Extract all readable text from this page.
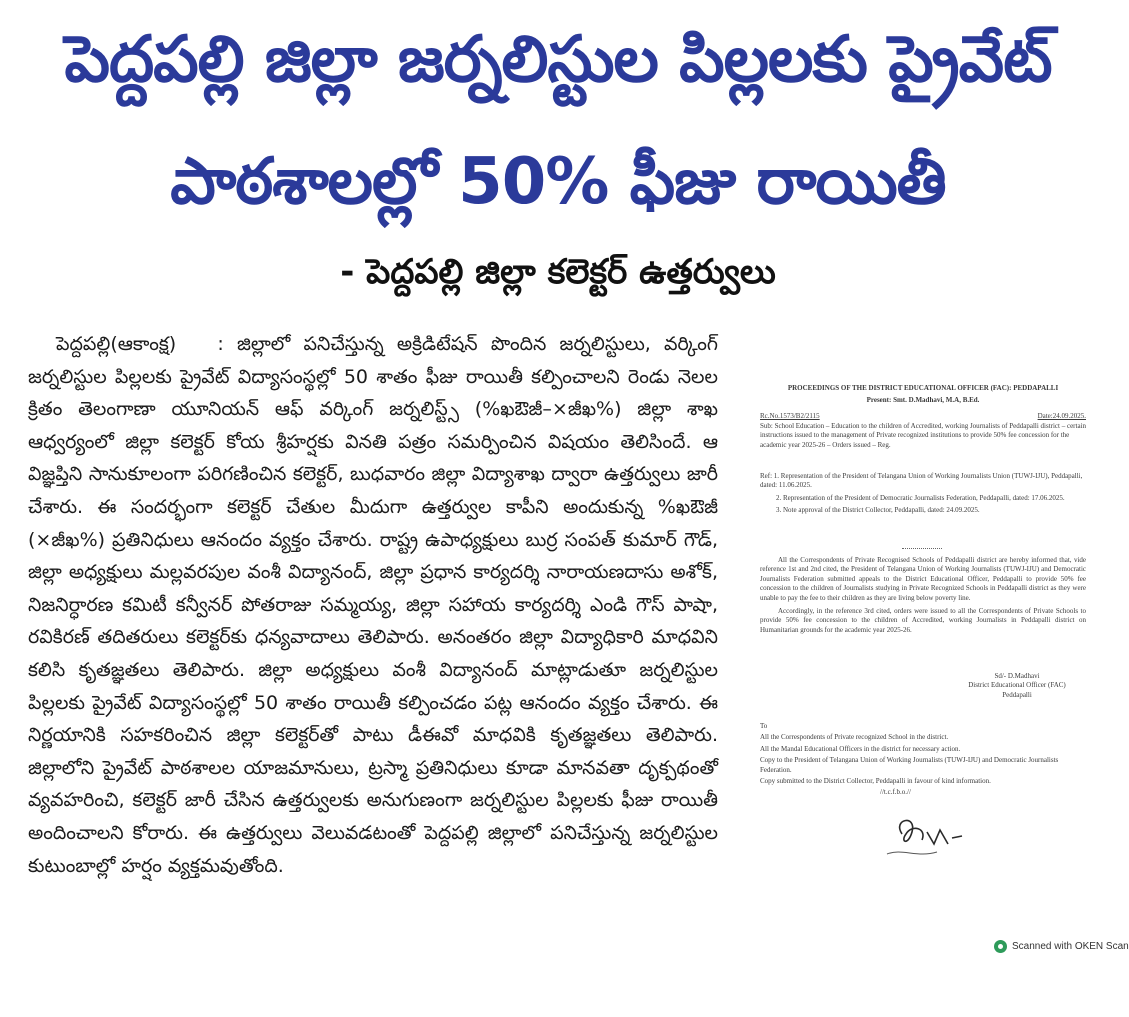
పెద్దపల్లి జిల్లా జర్నలిస్టుల పిల్లలకు ప్రైవేట్
పాఠశాలల్లో 50% ఫీజు రాయితీ
- పెద్దపల్లి జిల్లా కలెక్టర్ ఉత్తర్వులు
పెద్దపల్లి(ఆకాంక్ష) : జిల్లాలో పనిచేస్తున్న అక్రిడిటేషన్ పొందిన జర్నలిస్టులు, వర్కింగ్ జర్నలిస్టుల పిల్లలకు ప్రైవేట్ విద్యాసంస్థల్లో 50 శాతం ఫీజు రాయితీ కల్పించాలని రెండు నెలల క్రితం తెలంగాణా యూనియన్ ఆఫ్ వర్కింగ్ జర్నలిస్ట్స్ (%ఖఔజీ–×జీఖ%) జిల్లా శాఖ ఆధ్వర్యంలో జిల్లా కలెక్టర్ కోయ శ్రీహర్షకు వినతి పత్రం సమర్పించిన విషయం తెలిసిందే. ఆ విజ్ఞప్తిని సానుకూలంగా పరిగణించిన కలెక్టర్, బుధవారం జిల్లా విద్యాశాఖ ద్వారా ఉత్తర్వులు జారీ చేశారు. ఈ సందర్భంగా కలెక్టర్ చేతుల మీదుగా ఉత్తర్వుల కాపీని అందుకున్న %ఖఔజీ (×జీఖ%) ప్రతినిధులు ఆనందం వ్యక్తం చేశారు. రాష్ట్ర ఉపాధ్యక్షులు బుర్ర సంపత్ కుమార్ గౌడ్, జిల్లా అధ్యక్షులు మల్లవరపుల వంశీ విద్యానంద్, జిల్లా ప్రధాన కార్యదర్శి నారాయణదాసు అశోక్, నిజనిర్ధారణ కమిటీ కన్వీనర్ పోతరాజు సమ్మయ్య, జిల్లా సహాయ కార్యదర్శి ఎండి గౌస్ పాషా, రవికిరణ్ తదితరులు కలెక్టర్‌కు ధన్యవాదాలు తెలిపారు. అనంతరం జిల్లా విద్యాధికారి మాధవిని కలిసి కృతజ్ఞతలు తెలిపారు. జిల్లా అధ్యక్షులు వంశీ విద్యానంద్ మాట్లాడుతూ జర్నలిస్టుల పిల్లలకు ప్రైవేట్ విద్యాసంస్థల్లో 50 శాతం రాయితీ కల్పించడం పట్ల ఆనందం వ్యక్తం చేశారు. ఈ నిర్ణయానికి సహకరించిన జిల్లా కలెక్టర్‌తో పాటు డీఈవో మాధవికి కృతజ్ఞతలు తెలిపారు. జిల్లాలోని ప్రైవేట్ పాఠశాలల యాజమానులు, ట్రస్మా ప్రతినిధులు కూడా మానవతా దృక్పథంతో వ్యవహరించి, కలెక్టర్ జారీ చేసిన ఉత్తర్వులకు అనుగుణంగా జర్నలిస్టుల పిల్లలకు ఫీజు రాయితీ అందించాలని కోరారు. ఈ ఉత్తర్వులు వెలువడటంతో పెద్దపల్లి జిల్లాలో పనిచేస్తున్న జర్నలిస్టుల కుటుంబాల్లో హర్షం వ్యక్తమవుతోంది.
PROCEEDINGS OF THE DISTRICT EDUCATIONAL OFFICER (FAC): PEDDAPALLI
Present: Smt. D.Madhavi, M.A, B.Ed.
Rc.No.1573/B2/2115	Date:24.09.2025.
Sub: School Education – Education to the children of Accredited, working Journalists of Peddapalli district – certain instructions issued to the management of Private recognized institutions to provide 50% fee concession for the academic year 2025-26 – Orders issued – Reg.
Ref: 1. Representation of the President of Telangana Union of Working Journalists Union (TUWJ-IJU), Peddapalli, dated: 11.06.2025.
2. Representation of the President of Democratic Journalists Federation, Peddapalli, dated: 17.06.2025.
3. Note approval of the District Collector, Peddapalli, dated: 24.09.2025.

All the Correspondents of Private Recognised Schools of Peddapalli district are hereby informed that, vide reference 1st and 2nd cited, the President of Telangana Union of Working Journalists (TUWJ-IJU) and Democratic Journalists Federation submitted appeals to the District Educational Officer, Peddapalli to provide 50% fee concession to the children of Journalists studying in Private Recognized Schools in Peddapalli district as they were unable to pay the fee to their children as they are living below poverty line.

Accordingly, in the reference 3rd cited, orders were issued to all the Correspondents of Private Schools to provide 50% fee concession to the children of Accredited, working Journalists in Peddapalli district on Humanitarian grounds for the academic year 2025-26.

Sd/- D.Madhavi
District Educational Officer (FAC)
Peddapalli
To
All the Correspondents of Private recognized School in the district.
All the Mandal Educational Officers in the district for necessary action.
Copy to the President of Telangana Union of Working Journalists (TUWJ-IJU) and Democratic Journalists Federation.
Copy submitted to the District Collector, Peddapalli in favour of kind information.
//t.c.f.b.o.//
Scanned with OKEN Scan
